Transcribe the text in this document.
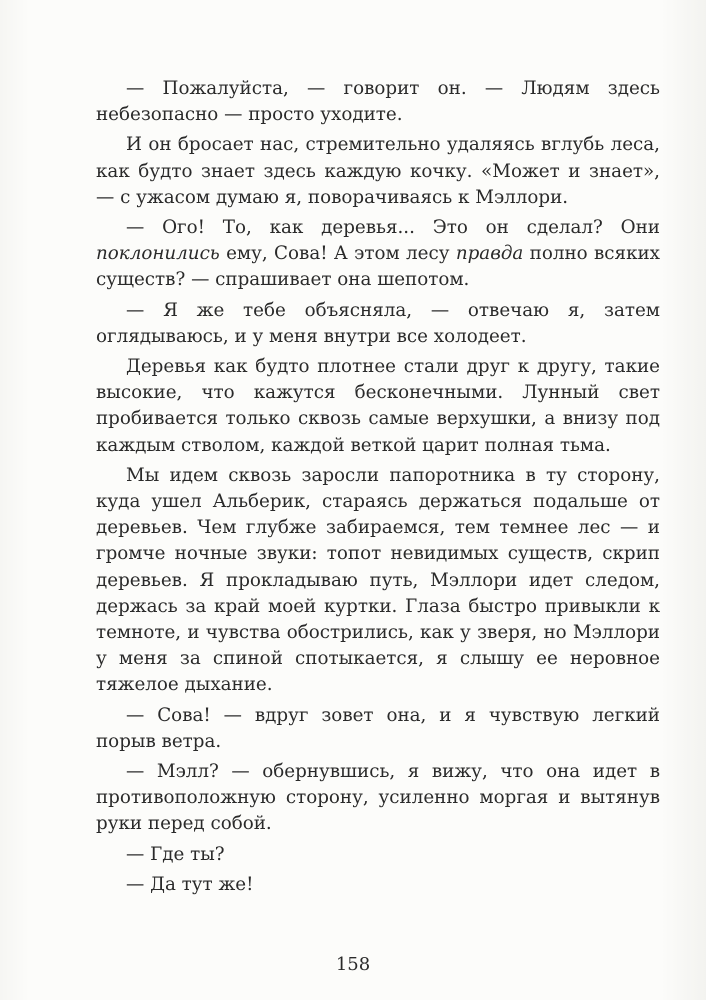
— Пожалуйста, — говорит он. — Людям здесь небезопасно — просто уходите.

И он бросает нас, стремительно удаляясь вглубь леса, как будто знает здесь каждую кочку. «Может и знает», — с ужасом думаю я, поворачиваясь к Мэллори.

— Ого! То, как деревья... Это он сделал? Они поклонились ему, Сова! А этом лесу правда полно всяких существ? — спрашивает она шепотом.

— Я же тебе объясняла, — отвечаю я, затем оглядываюсь, и у меня внутри все холодеет.

Деревья как будто плотнее стали друг к другу, такие высокие, что кажутся бесконечными. Лунный свет пробивается только сквозь самые верхушки, а внизу под каждым стволом, каждой веткой царит полная тьма.

Мы идем сквозь заросли папоротника в ту сторону, куда ушел Альберик, стараясь держаться подальше от деревьев. Чем глубже забираемся, тем темнее лес — и громче ночные звуки: топот невидимых существ, скрип деревьев. Я прокладываю путь, Мэллори идет следом, держась за край моей куртки. Глаза быстро привыкли к темноте, и чувства обострились, как у зверя, но Мэллори у меня за спиной спотыкается, я слышу ее неровное тяжелое дыхание.

— Сова! — вдруг зовет она, и я чувствую легкий порыв ветра.

— Мэлл? — обернувшись, я вижу, что она идет в противоположную сторону, усиленно моргая и вытянув руки перед собой.

— Где ты?

— Да тут же!

158
